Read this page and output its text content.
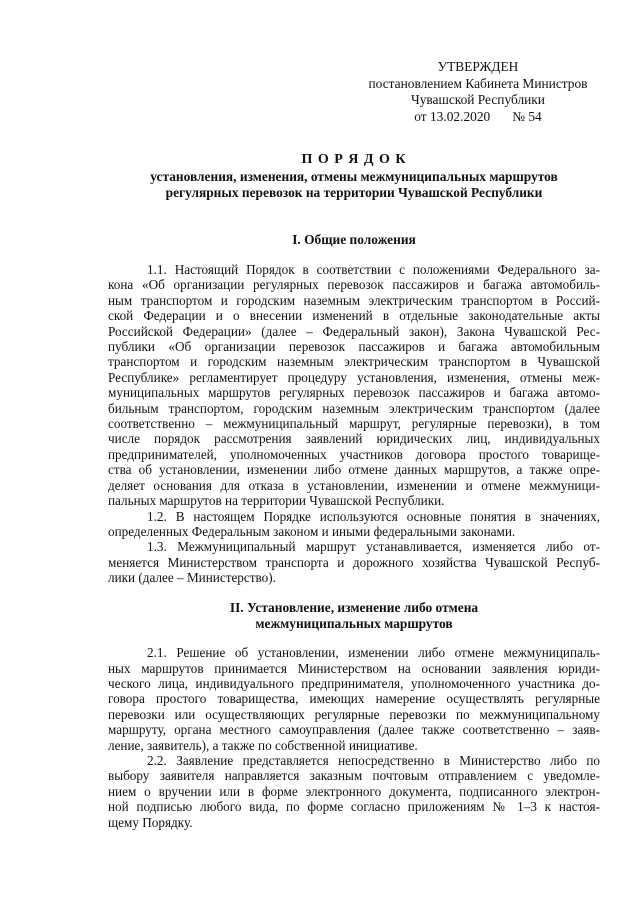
УТВЕРЖДЕН
постановлением Кабинета Министров
Чувашской Республики
от 13.02.2020 № 54
П О Р Я Д О К
установления, изменения, отмены межмуниципальных маршрутов
регулярных перевозок на территории Чувашской Республики
I. Общие положения
1.1. Настоящий Порядок в соответствии с положениями Федерального за-
кона «Об организации регулярных перевозок пассажиров и багажа автомобиль-
ным транспортом и городским наземным электрическим транспортом в Россий-
ской Федерации и о внесении изменений в отдельные законодательные акты
Российской Федерации» (далее – Федеральный закон), Закона Чувашской Рес-
публики «Об организации перевозок пассажиров и багажа автомобильным
транспортом и городским наземным электрическим транспортом в Чувашской
Республике» регламентирует процедуру установления, изменения, отмены меж-
муниципальных маршрутов регулярных перевозок пассажиров и багажа автомо-
бильным транспортом, городским наземным электрическим транспортом (далее
соответственно – межмуниципальный маршрут, регулярные перевозки), в том
числе порядок рассмотрения заявлений юридических лиц, индивидуальных
предпринимателей, уполномоченных участников договора простого товарище-
ства об установлении, изменении либо отмене данных маршрутов, а также опре-
деляет основания для отказа в установлении, изменении и отмене межмуници-
пальных маршрутов на территории Чувашской Республики.
1.2. В настоящем Порядке используются основные понятия в значениях,
определенных Федеральным законом и иными федеральными законами.
1.3. Межмуниципальный маршрут устанавливается, изменяется либо от-
меняется Министерством транспорта и дорожного хозяйства Чувашской Респуб-
лики (далее – Министерство).
II. Установление, изменение либо отмена
межмуниципальных маршрутов
2.1. Решение об установлении, изменении либо отмене межмуниципаль-
ных маршрутов принимается Министерством на основании заявления юриди-
ческого лица, индивидуального предпринимателя, уполномоченного участника до-
говора простого товарищества, имеющих намерение осуществлять регулярные
перевозки или осуществляющих регулярные перевозки по межмуниципальному
маршруту, органа местного самоуправления (далее также соответственно – заяв-
ление, заявитель), а также по собственной инициативе.
2.2. Заявление представляется непосредственно в Министерство либо по
выбору заявителя направляется заказным почтовым отправлением с уведомле-
нием о вручении или в форме электронного документа, подписанного электрон-
ной подписью любого вида, по форме согласно приложениям № 1–3 к настоя-
щему Порядку.
